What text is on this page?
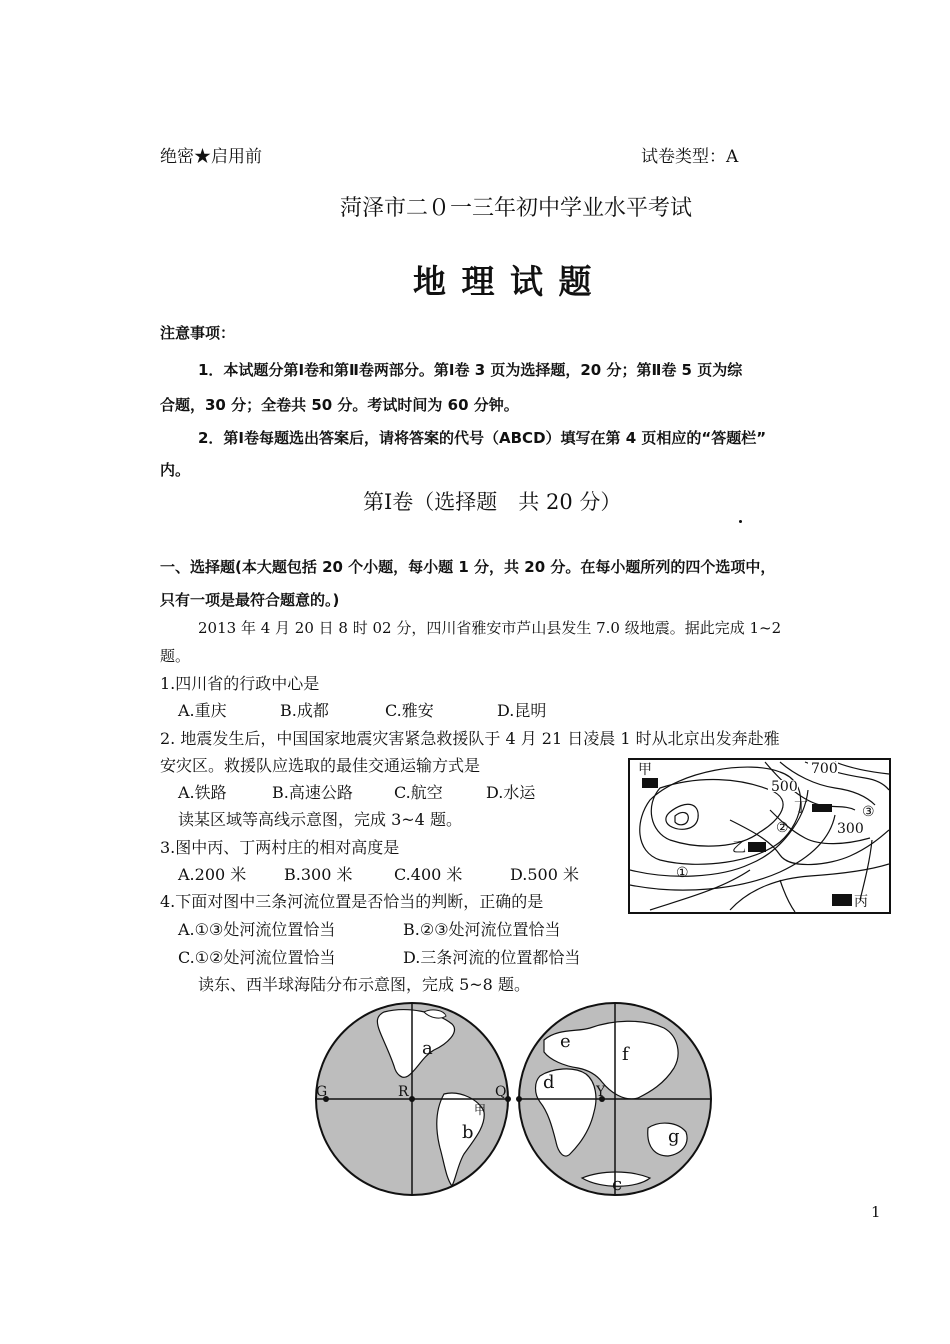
绝密★启用前	试卷类型：A
菏泽市二０一三年初中学业水平考试
地 理 试 题
注意事项：
1．本试题分第Ⅰ卷和第Ⅱ卷两部分。第Ⅰ卷 3 页为选择题，20 分；第Ⅱ卷 5 页为综
合题，30 分；全卷共 50 分。考试时间为 60 分钟。
2．第Ⅰ卷每题选出答案后，请将答案的代号（ABCD）填写在第 4 页相应的“答题栏”
内。
第Ⅰ卷（选择题　共 20 分）
一、选择题(本大题包括 20 个小题，每小题 1 分，共 20 分。在每小题所列的四个选项中，
只有一项是最符合题意的。)
2013 年 4 月 20 日 8 时 02 分，四川省雅安市芦山县发生 7.0 级地震。据此完成 1~2
题。
1.四川省的行政中心是
A.重庆	B.成都	C.雅安	D.昆明
2. 地震发生后，中国国家地震灾害紧急救援队于 4 月 21 日凌晨 1 时从北京出发奔赴雅
安灾区。救援队应选取的最佳交通运输方式是
A.铁路	B.高速公路	C.航空	D.水运
读某区域等高线示意图，完成 3~4 题。
3.图中丙、丁两村庄的相对高度是
A.200 米 B.300 米	C.400 米	D.500 米
4.下面对图中三条河流位置是否恰当的判断，正确的是
A.①③处河流位置恰当	B.②③处河流位置恰当
C.①②处河流位置恰当	D.三条河流的位置都恰当
读东、西半球海陆分布示意图，完成 5~8 题。
甲
乙
丙
丁
①
②
③
700
500
300
a
b
c
d
e
f
g
G	R	Q	Y
甲
1
